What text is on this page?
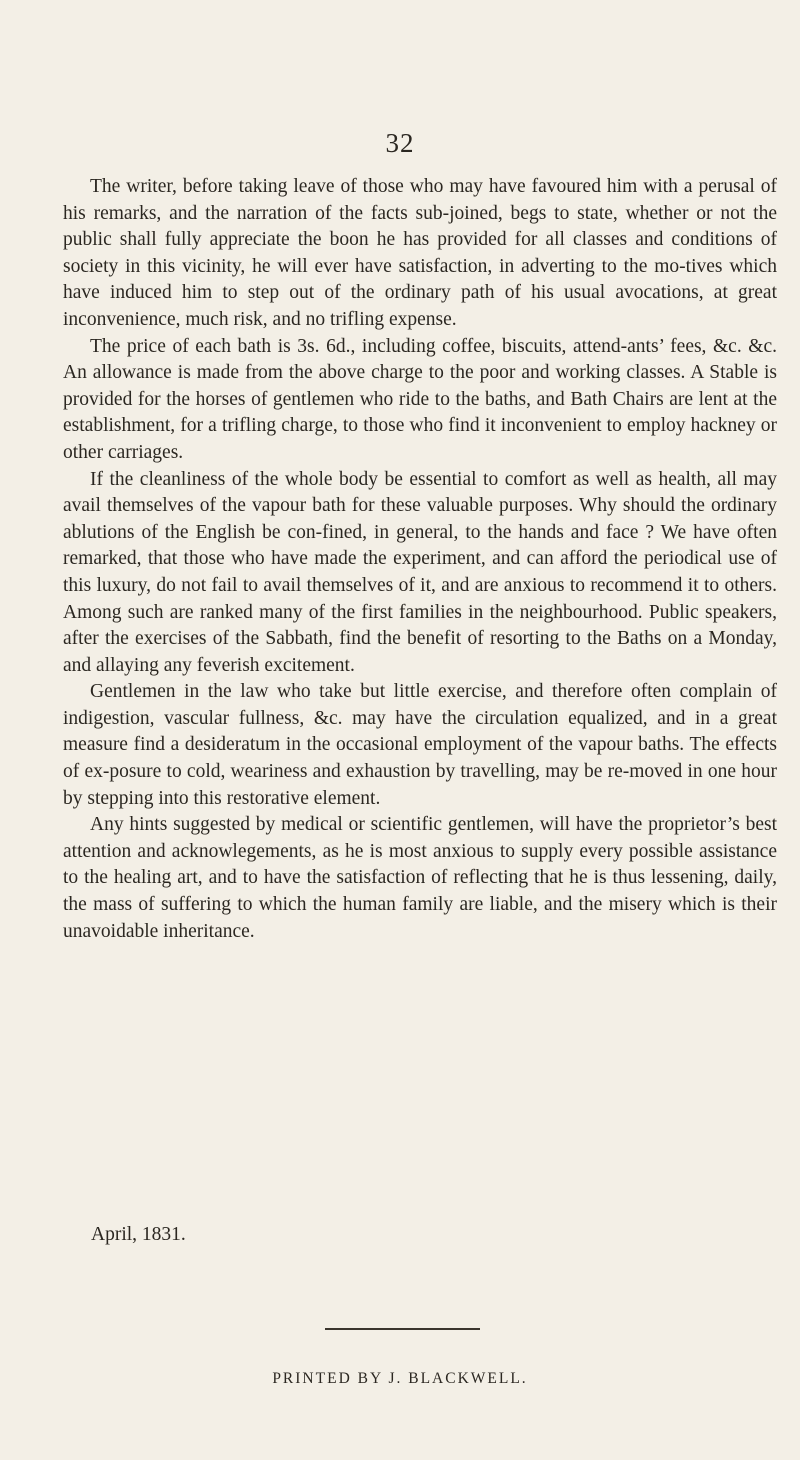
32

The writer, before taking leave of those who may have favoured him with a perusal of his remarks, and the narration of the facts sub-joined, begs to state, whether or not the public shall fully appreciate the boon he has provided for all classes and conditions of society in this vicinity, he will ever have satisfaction, in adverting to the mo-tives which have induced him to step out of the ordinary path of his usual avocations, at great inconvenience, much risk, and no trifling expense.

The price of each bath is 3s. 6d., including coffee, biscuits, attend-ants’ fees, &c. &c. An allowance is made from the above charge to the poor and working classes. A Stable is provided for the horses of gentlemen who ride to the baths, and Bath Chairs are lent at the establishment, for a trifling charge, to those who find it inconvenient to employ hackney or other carriages.

If the cleanliness of the whole body be essential to comfort as well as health, all may avail themselves of the vapour bath for these valuable purposes. Why should the ordinary ablutions of the English be con-fined, in general, to the hands and face ? We have often remarked, that those who have made the experiment, and can afford the periodical use of this luxury, do not fail to avail themselves of it, and are anxious to recommend it to others. Among such are ranked many of the first families in the neighbourhood. Public speakers, after the exercises of the Sabbath, find the benefit of resorting to the Baths on a Monday, and allaying any feverish excitement.

Gentlemen in the law who take but little exercise, and therefore often complain of indigestion, vascular fullness, &c. may have the circulation equalized, and in a great measure find a desideratum in the occasional employment of the vapour baths. The effects of ex-posure to cold, weariness and exhaustion by travelling, may be re-moved in one hour by stepping into this restorative element.

Any hints suggested by medical or scientific gentlemen, will have the proprietor’s best attention and acknowlegements, as he is most anxious to supply every possible assistance to the healing art, and to have the satisfaction of reflecting that he is thus lessening, daily, the mass of suffering to which the human family are liable, and the misery which is their unavoidable inheritance.

April, 1831.
PRINTED BY J. BLACKWELL.
